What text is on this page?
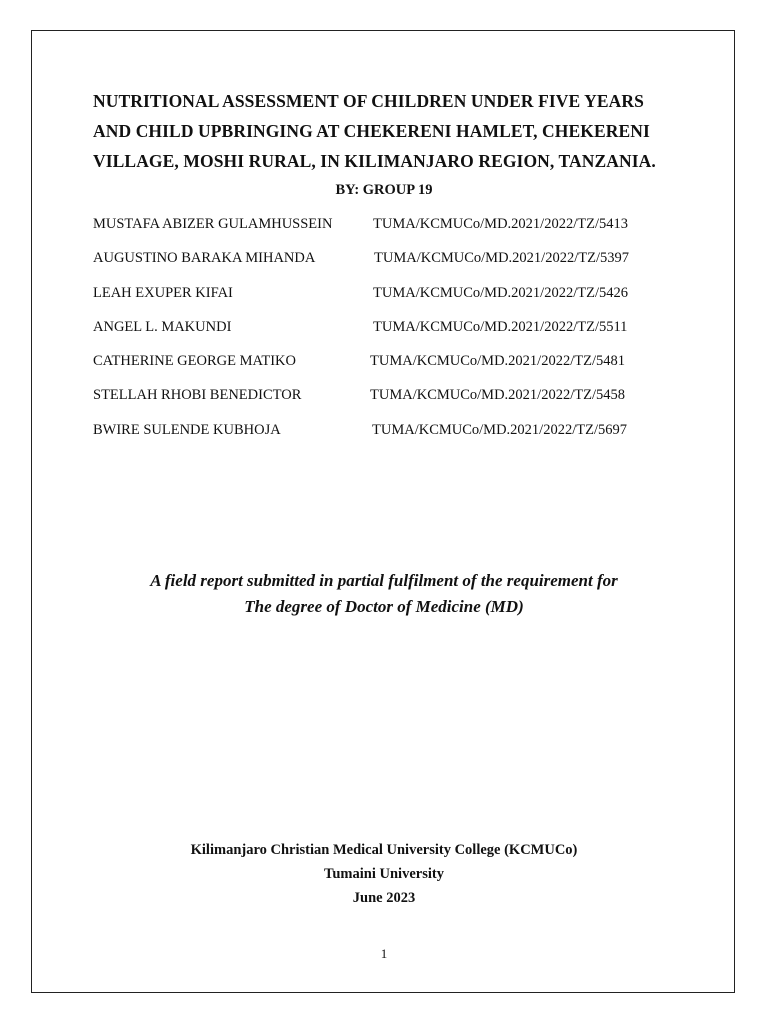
NUTRITIONAL ASSESSMENT OF CHILDREN UNDER FIVE YEARS
AND CHILD UPBRINGING AT CHEKERENI HAMLET, CHEKERENI
VILLAGE, MOSHI RURAL, IN KILIMANJARO REGION, TANZANIA.
BY: GROUP 19
MUSTAFA ABIZER GULAMHUSSEIN	TUMA/KCMUCo/MD.2021/2022/TZ/5413
AUGUSTINO BARAKA MIHANDA	TUMA/KCMUCo/MD.2021/2022/TZ/5397
LEAH EXUPER KIFAI	TUMA/KCMUCo/MD.2021/2022/TZ/5426
ANGEL L. MAKUNDI	TUMA/KCMUCo/MD.2021/2022/TZ/5511
CATHERINE GEORGE MATIKO	TUMA/KCMUCo/MD.2021/2022/TZ/5481
STELLAH RHOBI BENEDICTOR	TUMA/KCMUCo/MD.2021/2022/TZ/5458
BWIRE SULENDE KUBHOJA	TUMA/KCMUCo/MD.2021/2022/TZ/5697
A field report submitted in partial fulfilment of the requirement for
The degree of Doctor of Medicine (MD)
Kilimanjaro Christian Medical University College (KCMUCo)
Tumaini University
June 2023
1
